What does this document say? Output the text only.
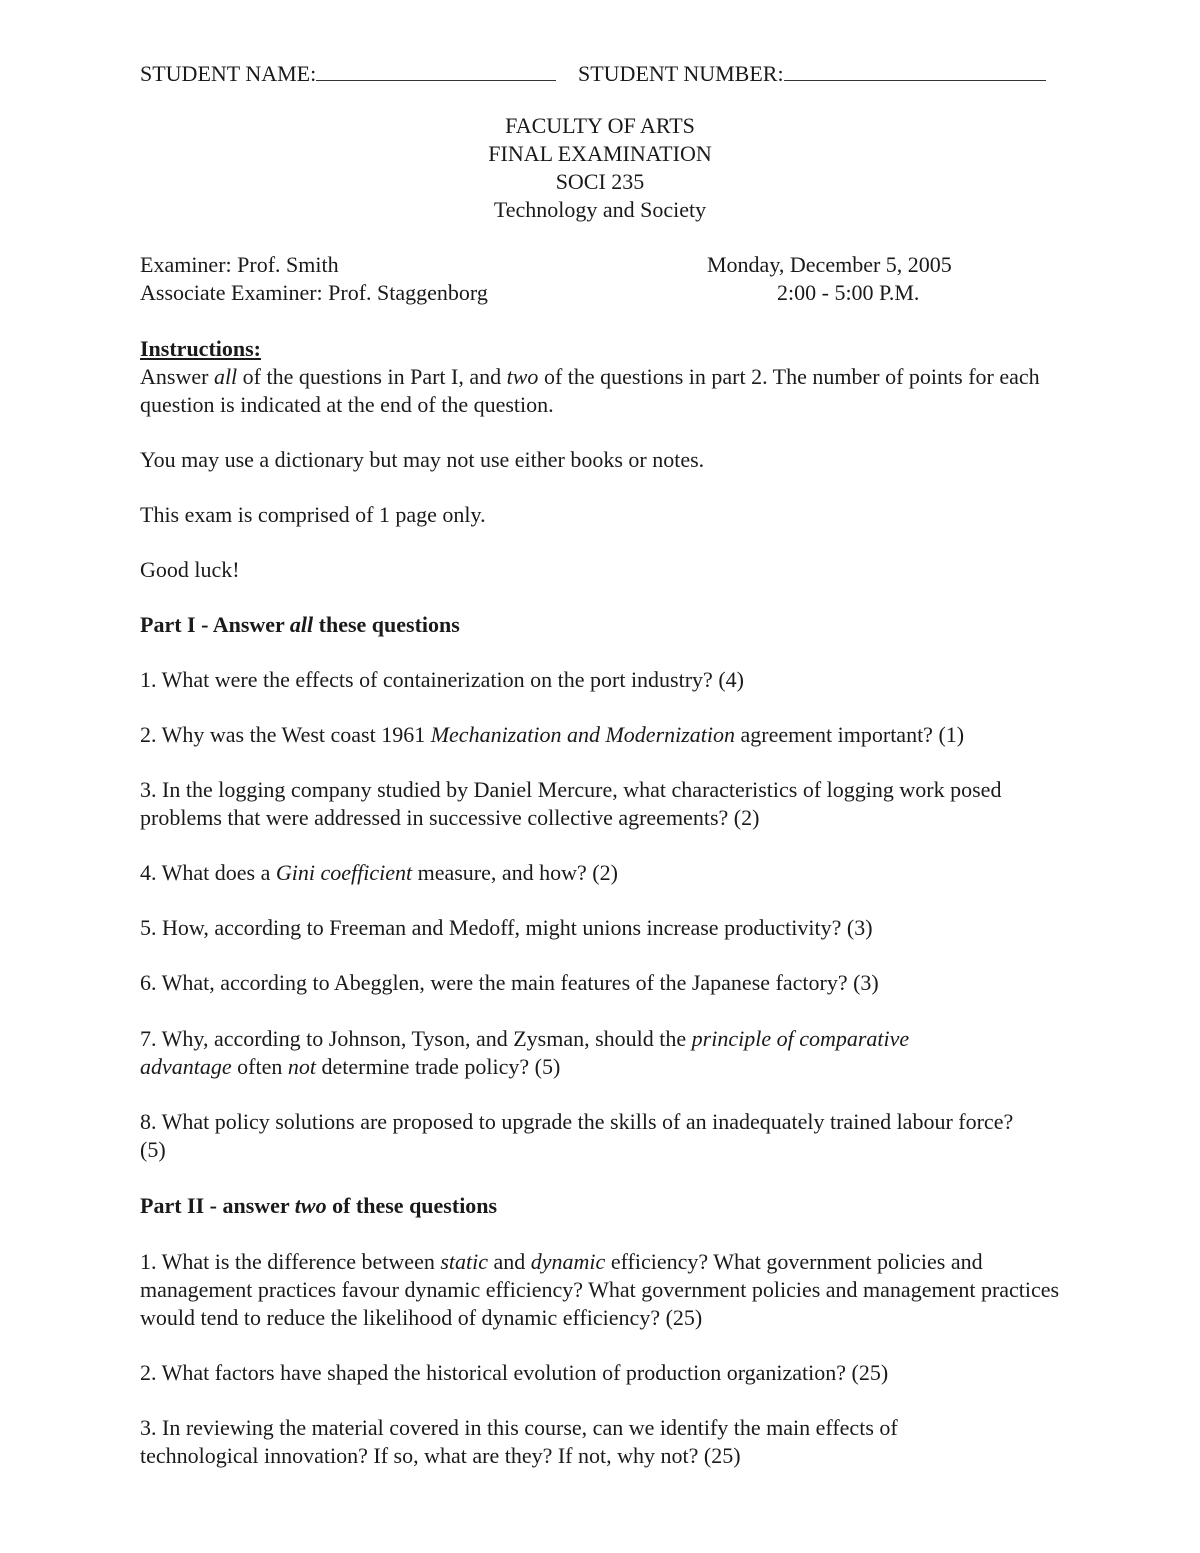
STUDENT NAME:	STUDENT NUMBER:
FACULTY OF ARTS
FINAL EXAMINATION
SOCI 235
Technology and Society
Examiner: Prof. Smith
Associate Examiner: Prof. Staggenborg
Monday, December 5, 2005
2:00 - 5:00 P.M.
Instructions:
Answer all of the questions in Part I, and two of the questions in part 2. The number of points for each question is indicated at the end of the question.
You may use a dictionary but may not use either books or notes.
This exam is comprised of 1 page only.
Good luck!
Part I - Answer all these questions
1. What were the effects of containerization on the port industry? (4)
2. Why was the West coast 1961 Mechanization and Modernization agreement important? (1)
3. In the logging company studied by Daniel Mercure, what characteristics of logging work posed problems that were addressed in successive collective agreements? (2)
4. What does a Gini coefficient measure, and how? (2)
5. How, according to Freeman and Medoff, might unions increase productivity? (3)
6. What, according to Abegglen, were the main features of the Japanese factory? (3)
7. Why, according to Johnson, Tyson, and Zysman, should the principle of comparative advantage often not determine trade policy? (5)
8. What policy solutions are proposed to upgrade the skills of an inadequately trained labour force? (5)
Part II - answer two of these questions
1. What is the difference between static and dynamic efficiency? What government policies and management practices favour dynamic efficiency? What government policies and management practices would tend to reduce the likelihood of dynamic efficiency? (25)
2. What factors have shaped the historical evolution of production organization? (25)
3. In reviewing the material covered in this course, can we identify the main effects of technological innovation? If so, what are they? If not, why not? (25)
